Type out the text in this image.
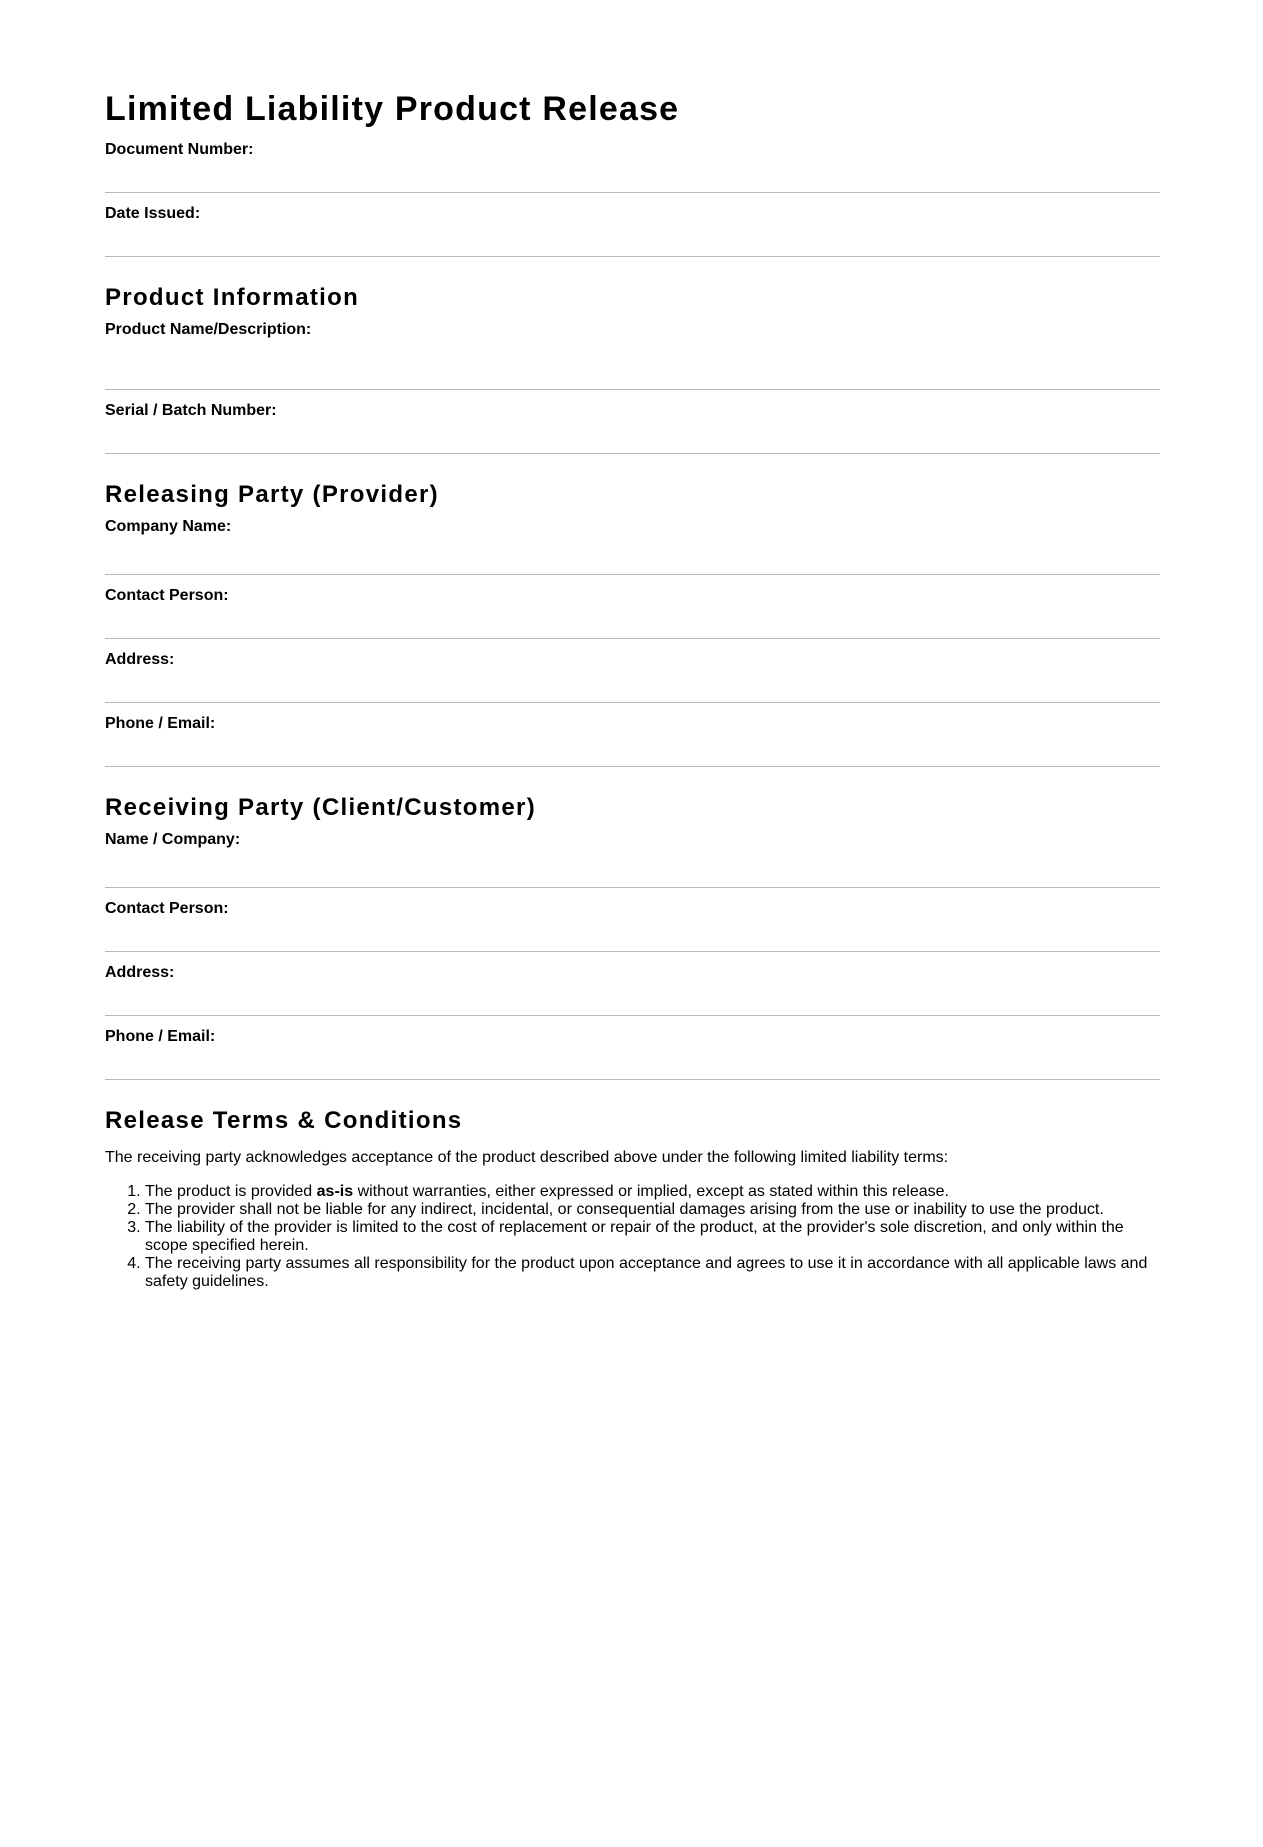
Limited Liability Product Release
Document Number:
Date Issued:
Product Information
Product Name/Description:
Serial / Batch Number:
Releasing Party (Provider)
Company Name:
Contact Person:
Address:
Phone / Email:
Receiving Party (Client/Customer)
Name / Company:
Contact Person:
Address:
Phone / Email:
Release Terms & Conditions

The receiving party acknowledges acceptance of the product described above under the following limited liability terms:

1. The product is provided as-is without warranties, either expressed or implied, except as stated within this release.
2. The provider shall not be liable for any indirect, incidental, or consequential damages arising from the use or inability to use the product.
3. The liability of the provider is limited to the cost of replacement or repair of the product, at the provider's sole discretion, and only within the scope specified herein.
4. The receiving party assumes all responsibility for the product upon acceptance and agrees to use it in accordance with all applicable laws and safety guidelines.
